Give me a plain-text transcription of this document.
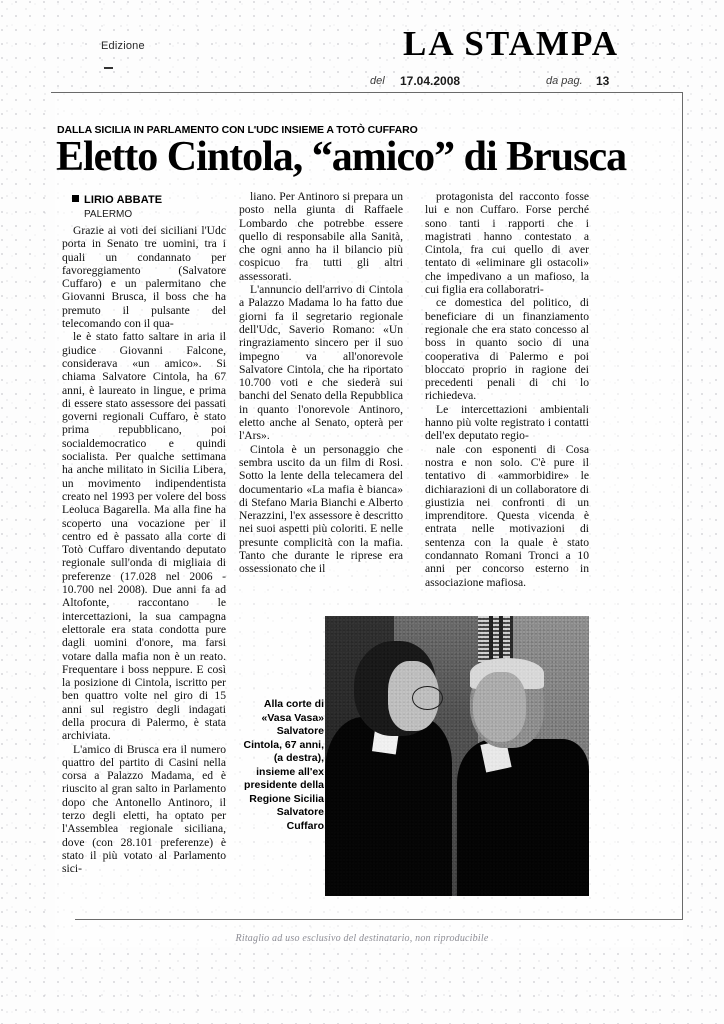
Edizione	LA STAMPA
del 17.04.2008	da pag. 13
DALLA SICILIA IN PARLAMENTO CON L'UDC INSIEME A TOTÒ CUFFARO
Eletto Cintola, “amico” di Brusca
LIRIO ABBATE
PALERMO

Grazie ai voti dei siciliani l'Udc porta in Senato tre uomini, tra i quali un condannato per favoreggiamento (Salvatore Cuffaro) e un palermitano che Giovanni Brusca, il boss che ha premuto il pulsante del telecomando con il qua-

le è stato fatto saltare in aria il giudice Giovanni Falcone, considerava «un amico». Si chiama Salvatore Cintola, ha 67 anni, è laureato in lingue, e prima di essere stato assessore dei passati governi regionali Cuffaro, è stato prima repubblicano, poi socialdemocratico e quindi socialista. Per qualche settimana ha anche militato in Sicilia Libera, un movimento indipendentista creato nel 1993 per volere del boss Leoluca Bagarella. Ma alla fine ha scoperto una vocazione per il centro ed è passato alla corte di Totò Cuffaro diventando deputato regionale sull'onda di migliaia di preferenze (17.028 nel 2006 - 10.700 nel 2008). Due anni fa ad Altofonte, raccontano le intercettazioni, la sua campagna elettorale era stata condotta pure dagli uomini d'onore, ma farsi votare dalla mafia non è un reato. Frequentare i boss neppure. E così la posizione di Cintola, iscritto per ben quattro volte nel giro di 15 anni sul registro degli indagati della procura di Palermo, è stata archiviata.

L'amico di Brusca era il numero quattro del partito di Casini nella corsa a Palazzo Madama, ed è riuscito al gran salto in Parlamento dopo che Antonello Antinoro, il terzo degli eletti, ha optato per l'Assemblea regionale siciliana, dove (con 28.101 preferenze) è stato il più votato al Parlamento sici-

liano. Per Antinoro si prepara un posto nella giunta di Raffaele Lombardo che potrebbe essere quello di responsabile alla Sanità, che ogni anno ha il bilancio più cospicuo fra tutti gli altri assessorati.

L'annuncio dell'arrivo di Cintola a Palazzo Madama lo ha fatto due giorni fa il segretario regionale dell'Udc, Saverio Romano: «Un ringraziamento sincero per il suo impegno va all'onorevole Salvatore Cintola, che ha riportato 10.700 voti e che siederà sui banchi del Senato della Repubblica in quanto l'onorevole Antinoro, eletto anche al Senato, opterà per l'Ars».

Cintola è un personaggio che sembra uscito da un film di Rosi. Sotto la lente della telecamera del documentario «La mafia è bianca» di Stefano Maria Bianchi e Alberto Nerazzini, l'ex assessore è descritto nei suoi aspetti più coloriti. E nelle presunte complicità con la mafia. Tanto che durante le riprese era ossessionato che il

protagonista del racconto fosse lui e non Cuffaro. Forse perché sono tanti i rapporti che i magistrati hanno contestato a Cintola, fra cui quello di aver tentato di «eliminare gli ostacoli» che impedivano a un mafioso, la cui figlia era collaboratri-

ce domestica del politico, di beneficiare di un finanziamento regionale che era stato concesso al boss in quanto socio di una cooperativa di Palermo e poi bloccato proprio in ragione dei precedenti penali di chi lo richiedeva.

Le intercettazioni ambientali hanno più volte registrato i contatti dell'ex deputato regio-

nale con esponenti di Cosa nostra e non solo. C'è pure il tentativo di «ammorbidire» le dichiarazioni di un collaboratore di giustizia nei confronti di un imprenditore. Questa vicenda è entrata nelle motivazioni di sentenza con la quale è stato condannato Romani Tronci a 10 anni per concorso esterno in associazione mafiosa.

Alla corte di «Vasa Vasa»
Salvatore Cintola, 67 anni, (a destra), insieme all'ex presidente della Regione Sicilia Salvatore Cuffaro
Ritaglio ad uso esclusivo del destinatario, non riproducibile
